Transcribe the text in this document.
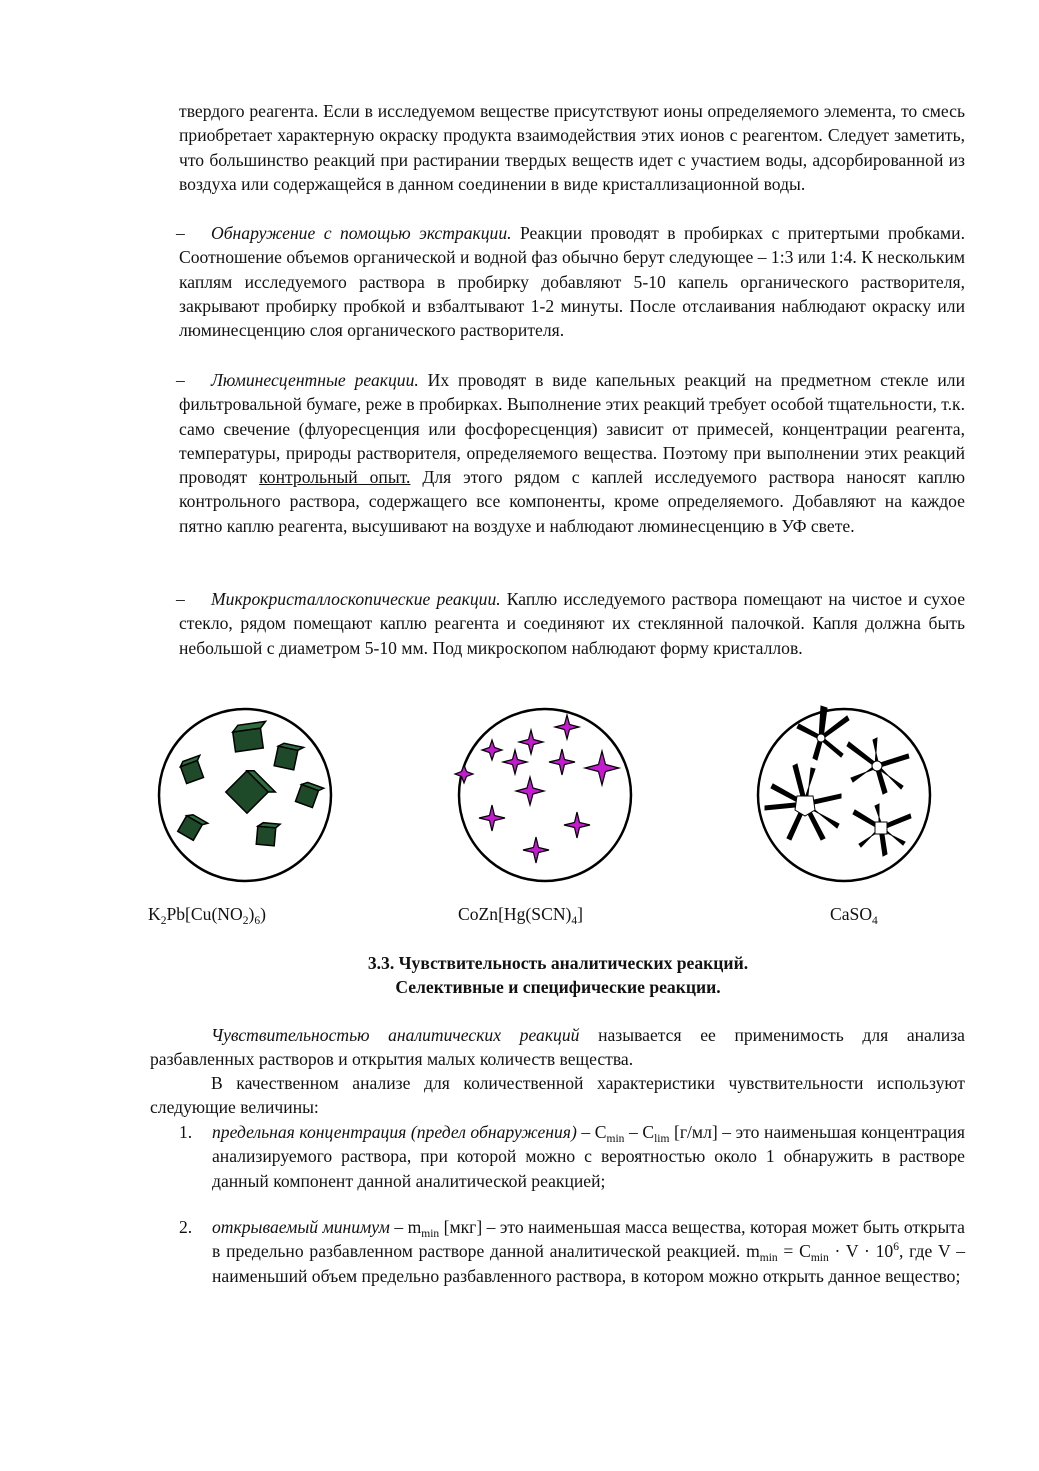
твердого реагента. Если в исследуемом веществе присутствуют ионы определяемого элемента, то смесь приобретает характерную окраску продукта взаимодействия этих ионов с реагентом. Следует заметить, что большинство реакций при растирании твердых веществ идет с участием воды, адсорбированной из воздуха или содержащейся в данном соединении в виде кристаллизационной воды.
–	Обнаружение с помощью экстракции. Реакции проводят в пробирках с притертыми пробками. Соотношение объемов органической и водной фаз обычно берут следующее – 1:3 или 1:4. К нескольким каплям исследуемого раствора в пробирку добавляют 5-10 капель органического растворителя, закрывают пробирку пробкой и взбалтывают 1-2 минуты. После отслаивания наблюдают окраску или люминесценцию слоя органического растворителя.
–	Люминесцентные реакции. Их проводят в виде капельных реакций на предметном стекле или фильтровальной бумаге, реже в пробирках. Выполнение этих реакций требует особой тщательности, т.к. само свечение (флуоресценция или фосфоресценция) зависит от примесей, концентрации реагента, температуры, природы растворителя, определяемого вещества. Поэтому при выполнении этих реакций проводят контрольный опыт. Для этого рядом с каплей исследуемого раствора наносят каплю контрольного раствора, содержащего все компоненты, кроме определяемого. Добавляют на каждое пятно каплю реагента, высушивают на воздухе и наблюдают люминесценцию в УФ свете.
–	Микрокристаллоскопические реакции. Каплю исследуемого раствора помещают на чистое и сухое стекло, рядом помещают каплю реагента и соединяют их стеклянной палочкой. Капля должна быть небольшой с диаметром 5-10 мм. Под микроскопом наблюдают форму кристаллов.
$K_2Pb[Cu(NO_2)_6)$	$CoZn[Hg(SCN)_4]$	CaSO$_4$
3.3. Чувствительность аналитических реакций.
Селективные и специфические реакции.
Чувствительностью аналитических реакций называется ее применимость для анализа разбавленных растворов и открытия малых количеств вещества.
В качественном анализе для количественной характеристики чувствительности используют следующие величины:
1. предельная концентрация (предел обнаружения) – $C_{min} - C_{lim}$ [г/мл] – это наименьшая концентрация анализируемого раствора, при которой можно с вероятностью около 1 обнаружить в растворе данный компонент данной аналитической реакцией;
2. открываемый минимум – $m_{min}$ [мкг] – это наименьшая масса вещества, которая может быть открыта в предельно разбавленном растворе данной аналитической реакцией. $m_{min} = C_{min} \cdot V \cdot 10^6$, где V – наименьший объем предельно разбавленного раствора, в котором можно открыть данное вещество;
